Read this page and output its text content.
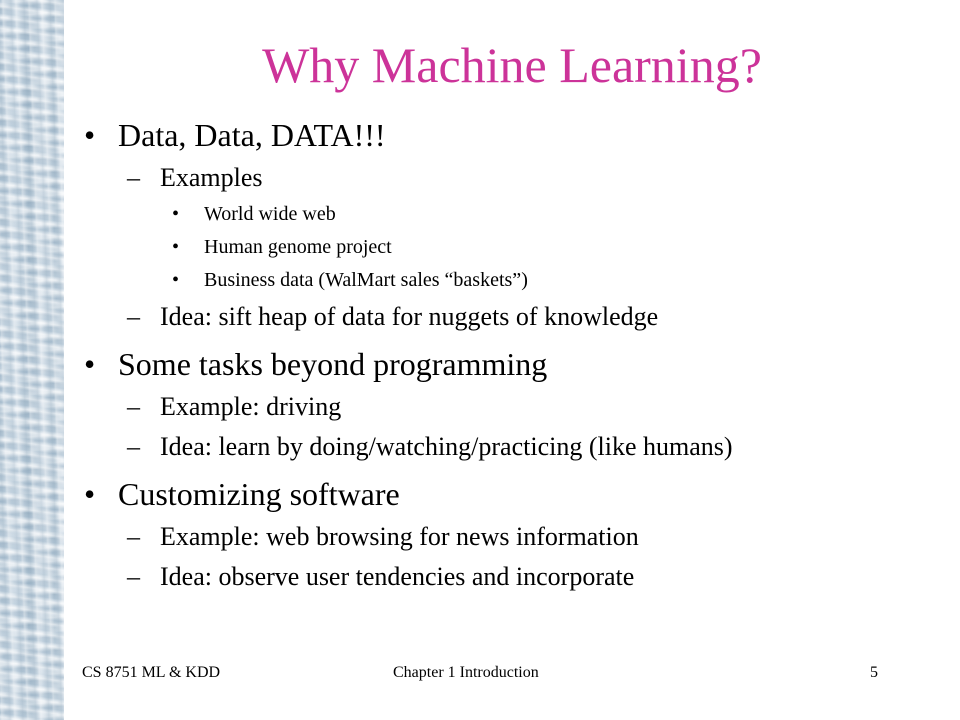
Why Machine Learning?
• Data, Data, DATA!!!
– Examples
• World wide web
• Human genome project
• Business data (WalMart sales “baskets”)
– Idea: sift heap of data for nuggets of knowledge
• Some tasks beyond programming
– Example: driving
– Idea: learn by doing/watching/practicing (like humans)
• Customizing software
– Example: web browsing for news information
– Idea: observe user tendencies and incorporate
CS 8751 ML & KDD	Chapter 1 Introduction	5
